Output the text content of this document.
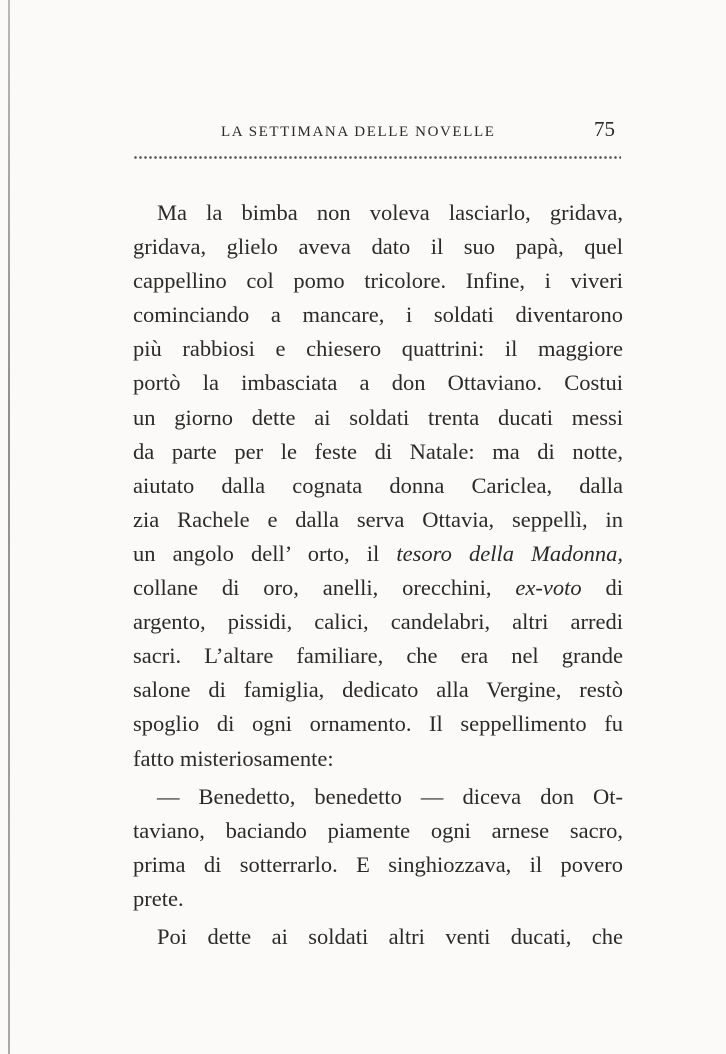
LA SETTIMANA DELLE NOVELLE	75
Ma la bimba non voleva lasciarlo, gridava,
gridava, glielo aveva dato il suo papà, quel
cappellino col pomo tricolore. Infine, i viveri
cominciando a mancare, i soldati diventarono
più rabbiosi e chiesero quattrini: il maggiore
portò la imbasciata a don Ottaviano. Costui
un giorno dette ai soldati trenta ducati messi
da parte per le feste di Natale: ma di notte,
aiutato dalla cognata donna Cariclea, dalla
zia Rachele e dalla serva Ottavia, seppellì, in
un angolo dell’ orto, il tesoro della Madonna,
collane di oro, anelli, orecchini, ex-voto di
argento, pissidi, calici, candelabri, altri arredi
sacri. L’altare familiare, che era nel grande
salone di famiglia, dedicato alla Vergine, restò
spoglio di ogni ornamento. Il seppellimento fu
fatto misteriosamente:
— Benedetto, benedetto — diceva don Ot-
taviano, baciando piamente ogni arnese sacro,
prima di sotterrarlo. E singhiozzava, il povero
prete.
Poi dette ai soldati altri venti ducati, che
